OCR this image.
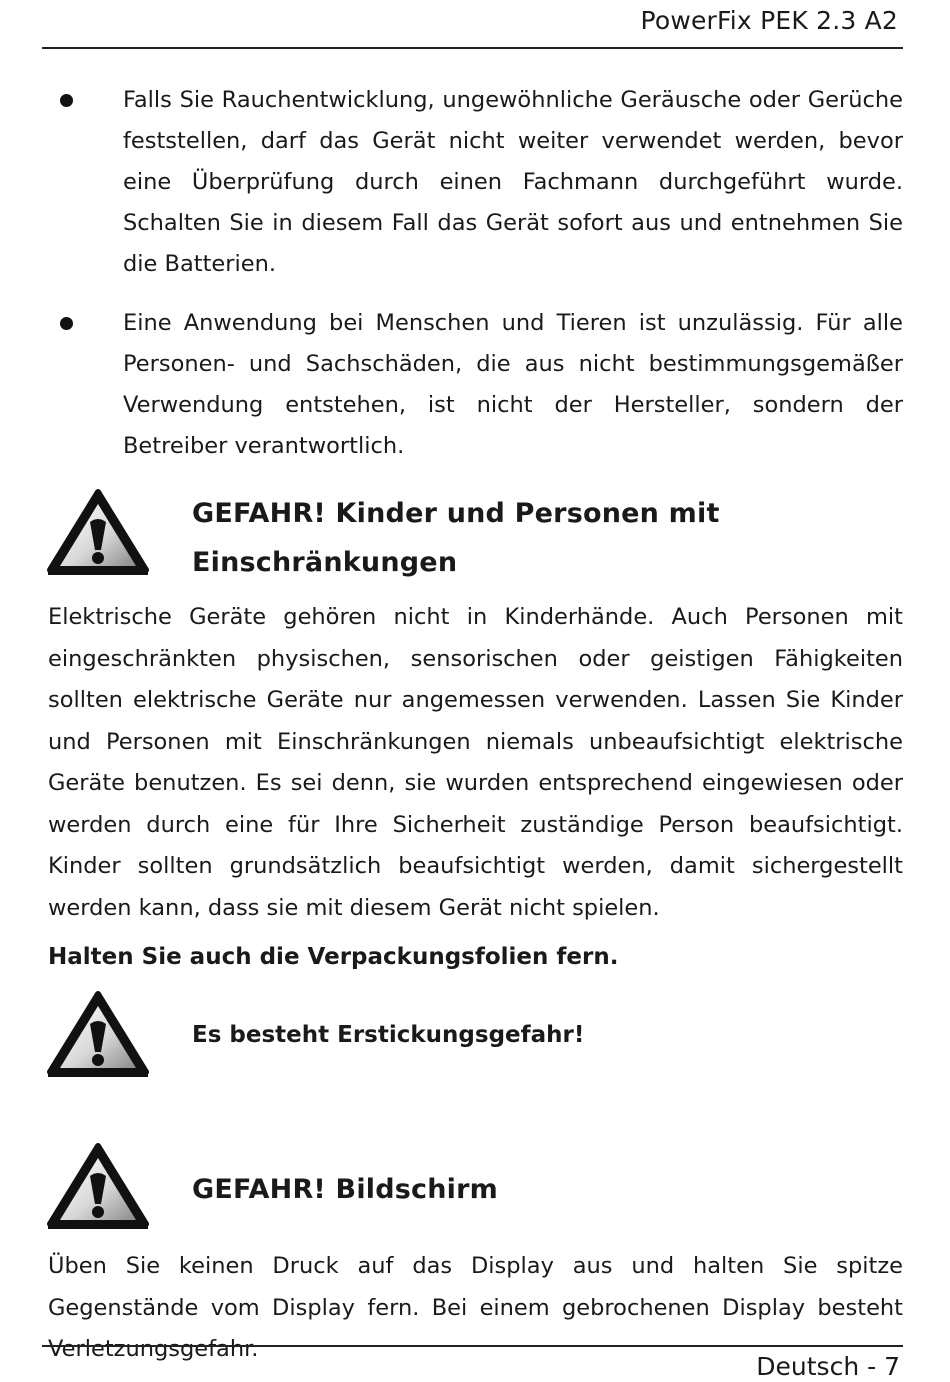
PowerFix PEK 2.3 A2
Falls Sie Rauchentwicklung, ungewöhnliche Geräusche oder Gerüche feststellen, darf das Gerät nicht weiter verwendet werden, bevor eine Überprüfung durch einen Fachmann durchgeführt wurde. Schalten Sie in diesem Fall das Gerät sofort aus und entnehmen Sie die Batterien.
Eine Anwendung bei Menschen und Tieren ist unzulässig. Für alle Personen- und Sachschäden, die aus nicht bestimmungsgemäßer Verwendung entstehen, ist nicht der Hersteller, sondern der Betreiber verantwortlich.
GEFAHR! Kinder und Personen mit
Einschränkungen
Elektrische Geräte gehören nicht in Kinderhände. Auch Personen mit eingeschränkten physischen, sensorischen oder geistigen Fähigkeiten sollten elektrische Geräte nur angemessen verwenden. Lassen Sie Kinder und Personen mit Einschränkungen niemals unbeaufsichtigt elektrische Geräte benutzen. Es sei denn, sie wurden entsprechend eingewiesen oder werden durch eine für Ihre Sicherheit zuständige Person beaufsichtigt. Kinder sollten grundsätzlich beaufsichtigt werden, damit sichergestellt werden kann, dass sie mit diesem Gerät nicht spielen.
Halten Sie auch die Verpackungsfolien fern.
Es besteht Erstickungsgefahr!
GEFAHR! Bildschirm
Üben Sie keinen Druck auf das Display aus und halten Sie spitze Gegenstände vom Display fern. Bei einem gebrochenen Display besteht Verletzungsgefahr.
Deutsch - 7
